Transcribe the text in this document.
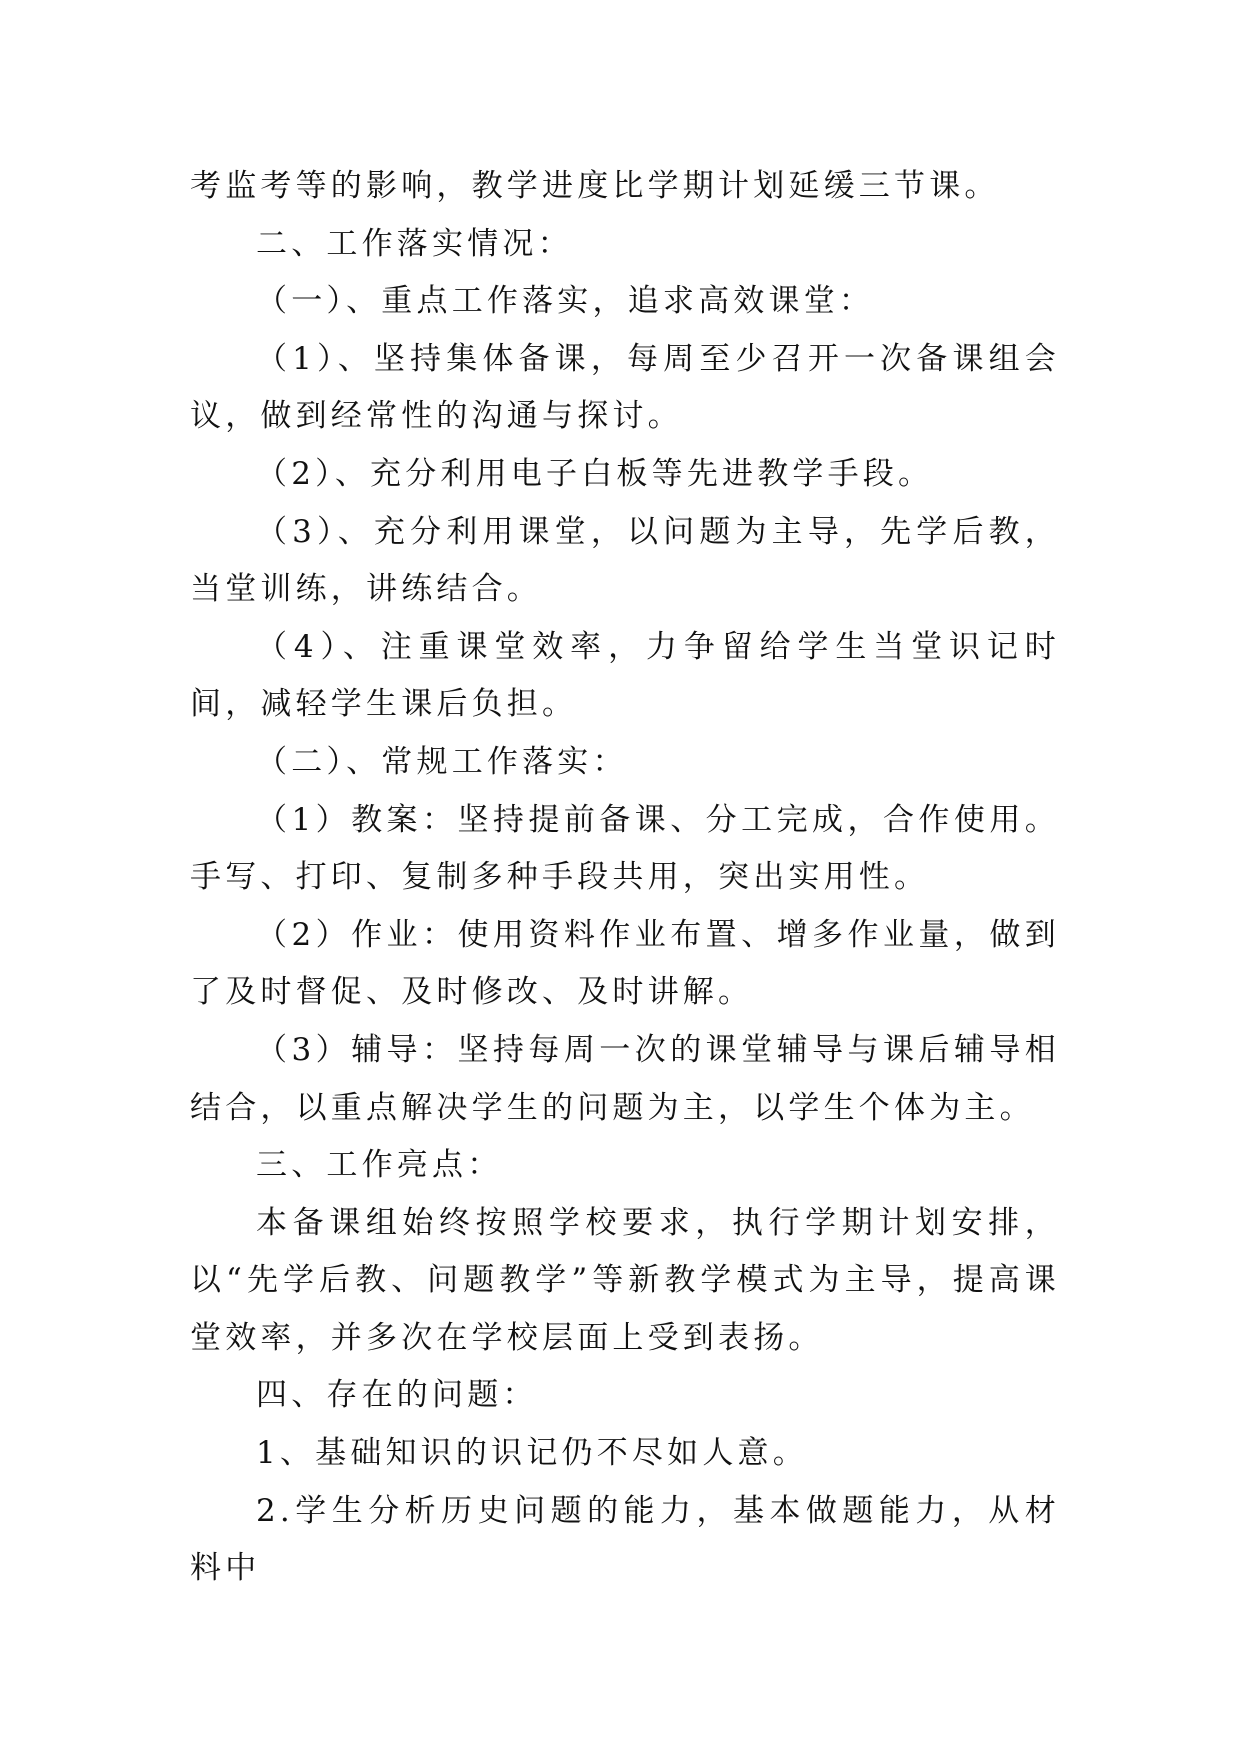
考监考等的影响，教学进度比学期计划延缓三节课。

二、工作落实情况：

（一）、重点工作落实，追求高效课堂：

（1）、坚持集体备课，每周至少召开一次备课组会议，做到经常性的沟通与探讨。

（2）、充分利用电子白板等先进教学手段。

（3）、充分利用课堂，以问题为主导，先学后教，当堂训练，讲练结合。

（4）、注重课堂效率，力争留给学生当堂识记时间，减轻学生课后负担。

（二）、常规工作落实：

（1）教案：坚持提前备课、分工完成，合作使用。手写、打印、复制多种手段共用，突出实用性。

（2）作业：使用资料作业布置、增多作业量，做到了及时督促、及时修改、及时讲解。

（3）辅导：坚持每周一次的课堂辅导与课后辅导相结合，以重点解决学生的问题为主，以学生个体为主。

三、工作亮点：

本备课组始终按照学校要求，执行学期计划安排，以“先学后教、问题教学”等新教学模式为主导，提高课堂效率，并多次在学校层面上受到表扬。

四、存在的问题：

1、基础知识的识记仍不尽如人意。

2.学生分析历史问题的能力，基本做题能力，从材料中
